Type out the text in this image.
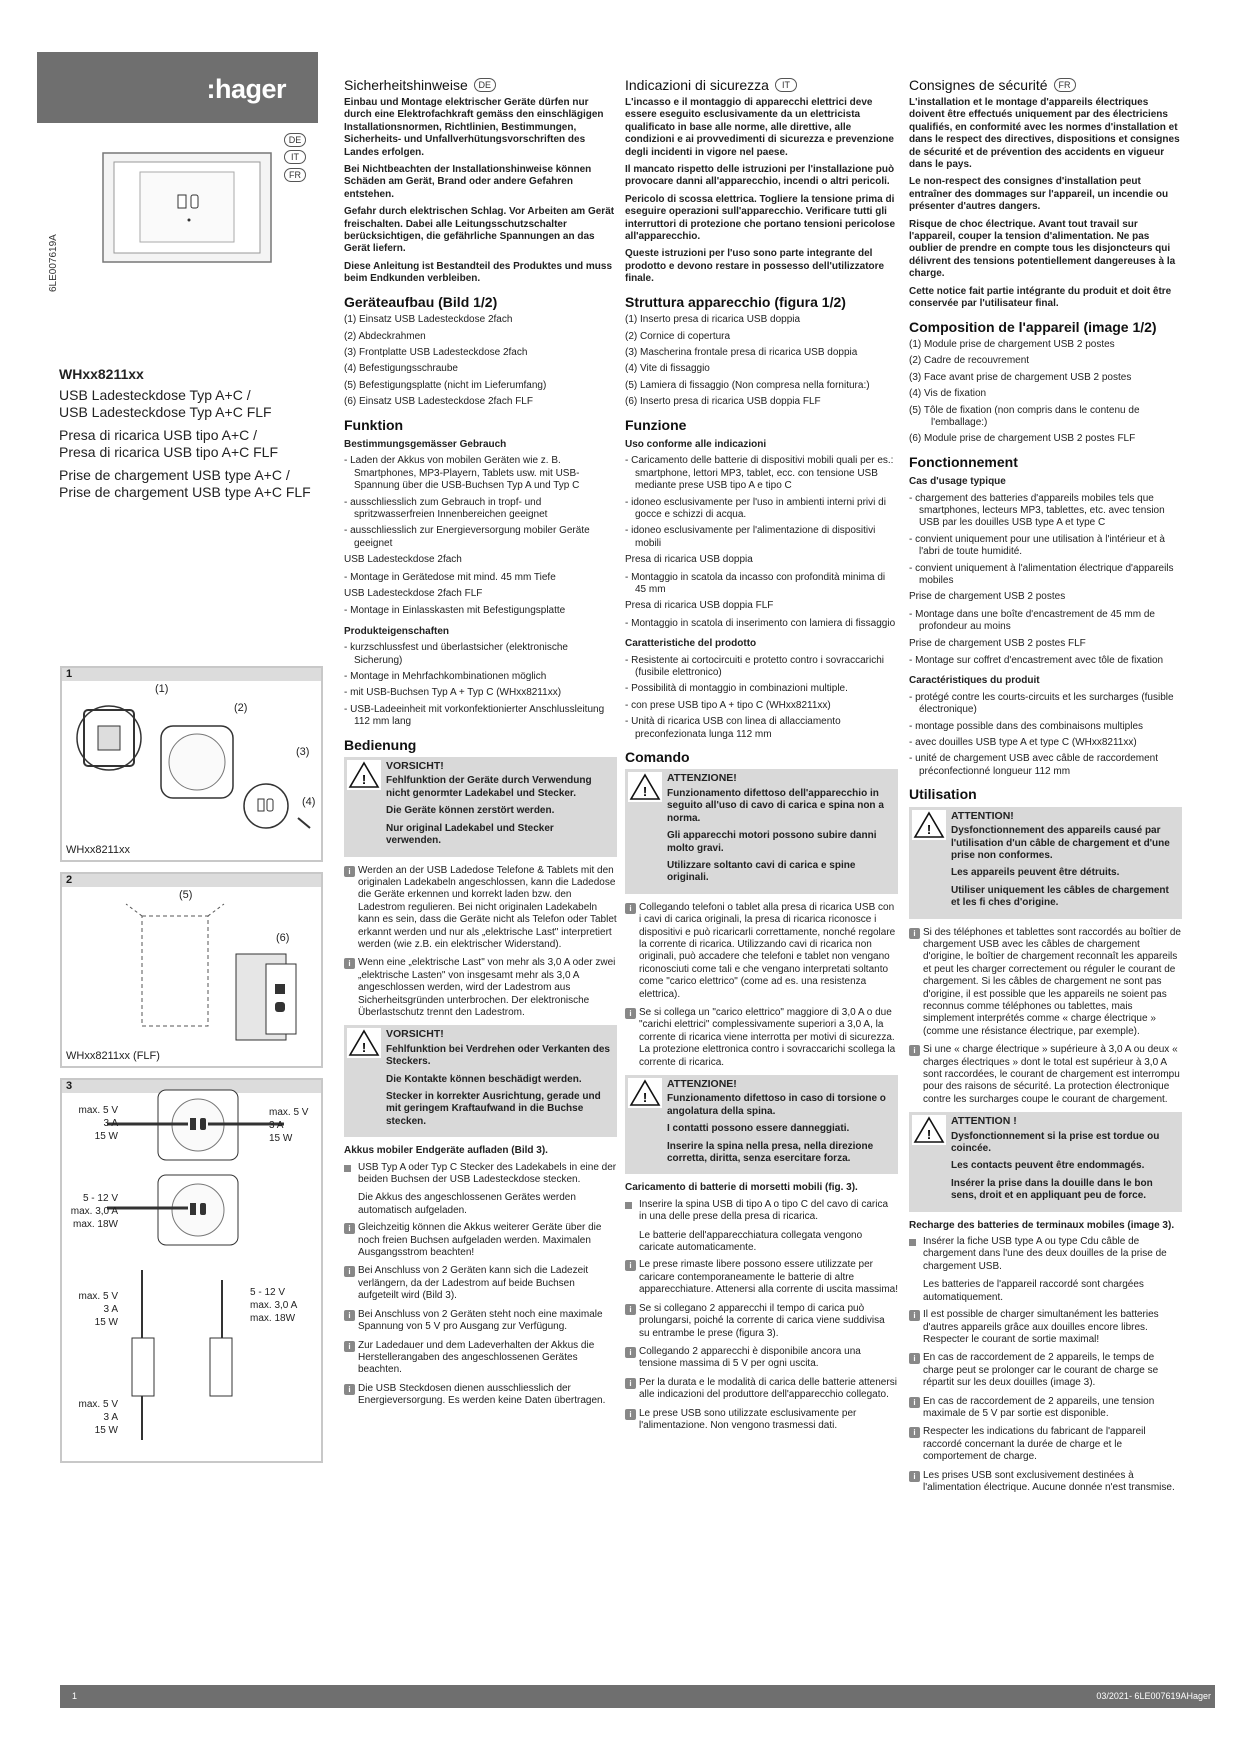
:hager
DE
IT
FR
6LE007619A
WHxx8211xx
USB Ladesteckdose Typ A+C /
USB Ladesteckdose Typ A+C FLF
Presa di ricarica USB tipo A+C /
Presa di ricarica USB tipo A+C FLF
Prise de chargement USB type A+C /
Prise de chargement USB type A+C FLF
1
(1)
(2)
(3)
(4)
WHxx8211xx
2
(5)
(6)
WHxx8211xx (FLF)
3
max. 5 V
3 A
15 W
max. 5 V
3 A
15 W
5 - 12 V
max. 3,0 A
max. 18W
max. 5 V
3 A
15 W
max. 5 V
3 A
15 W
5 - 12 V
max. 3,0 A
max. 18W
Sicherheitshinweise	DE

Einbau und Montage elektrischer Geräte dürfen nur durch eine Elektrofachkraft gemäss den einschlägigen Installationsnormen, Richtlinien, Bestimmungen, Sicherheits- und Unfallverhütungsvorschriften des Landes erfolgen.

Bei Nichtbeachten der Installationshinweise können Schäden am Gerät, Brand oder andere Gefahren entstehen.

Gefahr durch elektrischen Schlag. Vor Arbeiten am Gerät freischalten. Dabei alle Leitungsschutzschalter berücksichtigen, die gefährliche Spannungen an das Gerät liefern.

Diese Anleitung ist Bestandteil des Produktes und muss beim Endkunden verbleiben.

Geräteaufbau (Bild 1/2)
(1) Einsatz USB Ladesteckdose 2fach
(2) Abdeckrahmen
(3) Frontplatte USB Ladesteckdose 2fach
(4) Befestigungsschraube
(5) Befestigungsplatte (nicht im Lieferumfang)
(6) Einsatz USB Ladesteckdose 2fach FLF
Funktion
Bestimmungsgemässer Gebrauch
- Laden der Akkus von mobilen Geräten wie z. B. Smartphones, MP3-Playern, Tablets usw. mit USB-Spannung über die USB-Buchsen Typ A und Typ C
- ausschliesslich zum Gebrauch in tropf- und spritzwasserfreien Innenbereichen geeignet
- ausschliesslich zur Energieversorgung mobiler Geräte geeignet

USB Ladesteckdose 2fach

- Montage in Gerätedose mit mind. 45 mm Tiefe

USB Ladesteckdose 2fach FLF

- Montage in Einlasskasten mit Befestigungsplatte
Produkteigenschaften
- kurzschlussfest und überlastsicher (elektronische Sicherung)
- Montage in Mehrfachkombinationen möglich
- mit USB-Buchsen Typ A + Typ C (WHxx8211xx)
- USB-Ladeeinheit mit vorkonfektionierter Anschlussleitung 112 mm lang
Bedienung
!
VORSICHT!

Fehlfunktion der Geräte durch Verwendung nicht genormter Ladekabel und Stecker.

Die Geräte können zerstört werden.

Nur original Ladekabel und Stecker verwenden.

i Werden an der USB Ladedose Telefone & Tablets mit den originalen Ladekabeln angeschlossen, kann die Ladedose die Geräte erkennen und korrekt laden bzw. den Ladestrom regulieren. Bei nicht originalen Ladekabeln kann es sein, dass die Geräte nicht als Telefon oder Tablet erkannt werden und nur als „elektrische Last" interpretiert werden (wie z.B. ein elektrischer Widerstand).
i Wenn eine „elektrische Last" von mehr als 3,0 A oder zwei „elektrische Lasten" von insgesamt mehr als 3,0 A angeschlossen werden, wird der Ladestrom aus Sicherheitsgründen unterbrochen. Der elektronische Überlastschutz trennt den Ladestrom.
!
VORSICHT!

Fehlfunktion bei Verdrehen oder Verkanten des Steckers.

Die Kontakte können beschädigt werden.

Stecker in korrekter Ausrichtung, gerade und mit geringem Kraftaufwand in die Buchse stecken.

Akkus mobiler Endgeräte aufladen (Bild 3).
USB Typ A oder Typ C Stecker des Ladekabels in eine der beiden Buchsen der USB Ladesteckdose stecken.

Die Akkus des angeschlossenen Gerätes werden automatisch aufgeladen.

i Gleichzeitig können die Akkus weiterer Geräte über die noch freien Buchsen aufgeladen werden. Maximalen Ausgangsstrom beachten!
i Bei Anschluss von 2 Geräten kann sich die Ladezeit verlängern, da der Ladestrom auf beide Buchsen aufgeteilt wird (Bild 3).
i Bei Anschluss von 2 Geräten steht noch eine maximale Spannung von 5 V pro Ausgang zur Verfügung.
i Zur Ladedauer und dem Ladeverhalten der Akkus die Herstellerangaben des angeschlossenen Gerätes beachten.
i Die USB Steckdosen dienen ausschliesslich der Energieversorgung. Es werden keine Daten übertragen.
Indicazioni di sicurezza	IT

L'incasso e il montaggio di apparecchi elettrici deve essere eseguito esclusivamente da un elettricista qualificato in base alle norme, alle direttive, alle condizioni e ai provvedimenti di sicurezza e prevenzione degli incidenti in vigore nel paese.

Il mancato rispetto delle istruzioni per l'installazione può provocare danni all'apparecchio, incendi o altri pericoli.

Pericolo di scossa elettrica. Togliere la tensione prima di eseguire operazioni sull'apparecchio. Verificare tutti gli interruttori di protezione che portano tensioni pericolose all'apparecchio.

Queste istruzioni per l'uso sono parte integrante del prodotto e devono restare in possesso dell'utilizzatore finale.

Struttura apparecchio (figura 1/2)
(1) Inserto presa di ricarica USB doppia
(2) Cornice di copertura
(3) Mascherina frontale presa di ricarica USB doppia
(4) Vite di fissaggio
(5) Lamiera di fissaggio (Non compresa nella fornitura:)
(6) Inserto presa di ricarica USB doppia FLF
Funzione
Uso conforme alle indicazioni
- Caricamento delle batterie di dispositivi mobili quali per es.: smartphone, lettori MP3, tablet, ecc. con tensione USB mediante prese USB tipo A e tipo C
- idoneo esclusivamente per l'uso in ambienti interni privi di gocce e schizzi di acqua.
- idoneo esclusivamente per l'alimentazione di dispositivi mobili

Presa di ricarica USB doppia

- Montaggio in scatola da incasso con profondità minima di 45 mm

Presa di ricarica USB doppia FLF

- Montaggio in scatola di inserimento con lamiera di fissaggio
Caratteristiche del prodotto
- Resistente ai cortocircuiti e protetto contro i sovraccarichi (fusibile elettronico)
- Possibilità di montaggio in combinazioni multiple.
- con prese USB tipo A + tipo C (WHxx8211xx)
- Unità di ricarica USB con linea di allacciamento preconfezionata lunga 112 mm
Comando
!
ATTENZIONE!

Funzionamento difettoso dell'apparecchio in seguito all'uso di cavo di carica e spina non a norma.

Gli apparecchi motori possono subire danni molto gravi.

Utilizzare soltanto cavi di carica e spine originali.

i Collegando telefoni o tablet alla presa di ricarica USB con i cavi di carica originali, la presa di ricarica riconosce i dispositivi e può ricaricarli correttamente, nonché regolare la corrente di ricarica. Utilizzando cavi di ricarica non originali, può accadere che telefoni e tablet non vengano riconosciuti come tali e che vengano interpretati soltanto come "carico elettrico" (come ad es. una resistenza elettrica).
i Se si collega un "carico elettrico" maggiore di 3,0 A o due "carichi elettrici" complessivamente superiori a 3,0 A, la corrente di ricarica viene interrotta per motivi di sicurezza. La protezione elettronica contro i sovraccarichi scollega la corrente di ricarica.
!
ATTENZIONE!

Funzionamento difettoso in caso di torsione o angolatura della spina.

I contatti possono essere danneggiati.

Inserire la spina nella presa, nella direzione corretta, diritta, senza esercitare forza.

Caricamento di batterie di morsetti mobili (fig. 3).
Inserire la spina USB di tipo A o tipo C del cavo di carica in una delle prese della presa di ricarica.

Le batterie dell'apparecchiatura collegata vengono caricate automaticamente.

i Le prese rimaste libere possono essere utilizzate per caricare contemporaneamente le batterie di altre apparecchiature. Attenersi alla corrente di uscita massima!
i Se si collegano 2 apparecchi il tempo di carica può prolungarsi, poiché la corrente di carica viene suddivisa su entrambe le prese (figura 3).
i Collegando 2 apparecchi è disponibile ancora una tensione massima di 5 V per ogni uscita.
i Per la durata e le modalità di carica delle batterie attenersi alle indicazioni del produttore dell'apparecchio collegato.
i Le prese USB sono utilizzate esclusivamente per l'alimentazione. Non vengono trasmessi dati.
Consignes de sécurité	FR

L'installation et le montage d'appareils électriques doivent être effectués uniquement par des électriciens qualifiés, en conformité avec les normes d'installation et dans le respect des directives, dispositions et consignes de sécurité et de prévention des accidents en vigueur dans le pays.

Le non-respect des consignes d'installation peut entraîner des dommages sur l'appareil, un incendie ou présenter d'autres dangers.

Risque de choc électrique. Avant tout travail sur l'appareil, couper la tension d'alimentation. Ne pas oublier de prendre en compte tous les disjoncteurs qui délivrent des tensions potentiellement dangereuses à la charge.

Cette notice fait partie intégrante du produit et doit être conservée par l'utilisateur final.

Composition de l'appareil (image 1/2)
(1) Module prise de chargement USB 2 postes
(2) Cadre de recouvrement
(3) Face avant prise de chargement USB 2 postes
(4) Vis de fixation
(5) Tôle de fixation (non compris dans le contenu de l'emballage:)
(6) Module prise de chargement USB 2 postes FLF
Fonctionnement
Cas d'usage typique
- chargement des batteries d'appareils mobiles tels que smartphones, lecteurs MP3, tablettes, etc. avec tension USB par les douilles USB type A et type C
- convient uniquement pour une utilisation à l'intérieur et à l'abri de toute humidité.
- convient uniquement à l'alimentation électrique d'appareils mobiles

Prise de chargement USB 2 postes

- Montage dans une boîte d'encastrement de 45 mm de profondeur au moins

Prise de chargement USB 2 postes FLF

- Montage sur coffret d'encastrement avec tôle de fixation
Caractéristiques du produit
- protégé contre les courts-circuits et les surcharges (fusible électronique)
- montage possible dans des combinaisons multiples
- avec douilles USB type A et type C (WHxx8211xx)
- unité de chargement USB avec câble de raccordement préconfectionné longueur 112 mm
Utilisation
!
ATTENTION!

Dysfonctionnement des appareils causé par l'utilisation d'un câble de chargement et d'une prise non conformes.

Les appareils peuvent être détruits.

Utiliser uniquement les câbles de chargement et les fi ches d'origine.

i Si des téléphones et tablettes sont raccordés au boîtier de chargement USB avec les câbles de chargement d'origine, le boîtier de chargement reconnaît les appareils et peut les charger correctement ou réguler le courant de chargement. Si les câbles de chargement ne sont pas d'origine, il est possible que les appareils ne soient pas reconnus comme téléphones ou tablettes, mais simplement interprétés comme « charge électrique » (comme une résistance électrique, par exemple).
i Si une « charge électrique » supérieure à 3,0 A ou deux « charges électriques » dont le total est supérieur à 3,0 A sont raccordées, le courant de chargement est interrompu pour des raisons de sécurité. La protection électronique contre les surcharges coupe le courant de chargement.
!
ATTENTION !

Dysfonctionnement si la prise est tordue ou coincée.

Les contacts peuvent être endommagés.

Insérer la prise dans la douille dans le bon sens, droit et en appliquant peu de force.

Recharge des batteries de terminaux mobiles (image 3).
Insérer la fiche USB type A ou type Cdu câble de chargement dans l'une des deux douilles de la prise de chargement USB.

Les batteries de l'appareil raccordé sont chargées automatiquement.

i Il est possible de charger simultanément les batteries d'autres appareils grâce aux douilles encore libres. Respecter le courant de sortie maximal!
i En cas de raccordement de 2 appareils, le temps de charge peut se prolonger car le courant de charge se répartit sur les deux douilles (image 3).
i En cas de raccordement de 2 appareils, une tension maximale de 5 V par sortie est disponible.
i Respecter les indications du fabricant de l'appareil raccordé concernant la durée de charge et le comportement de charge.
i Les prises USB sont exclusivement destinées à l'alimentation électrique. Aucune donnée n'est transmise.
1	03/2021- 6LE007619AHager
